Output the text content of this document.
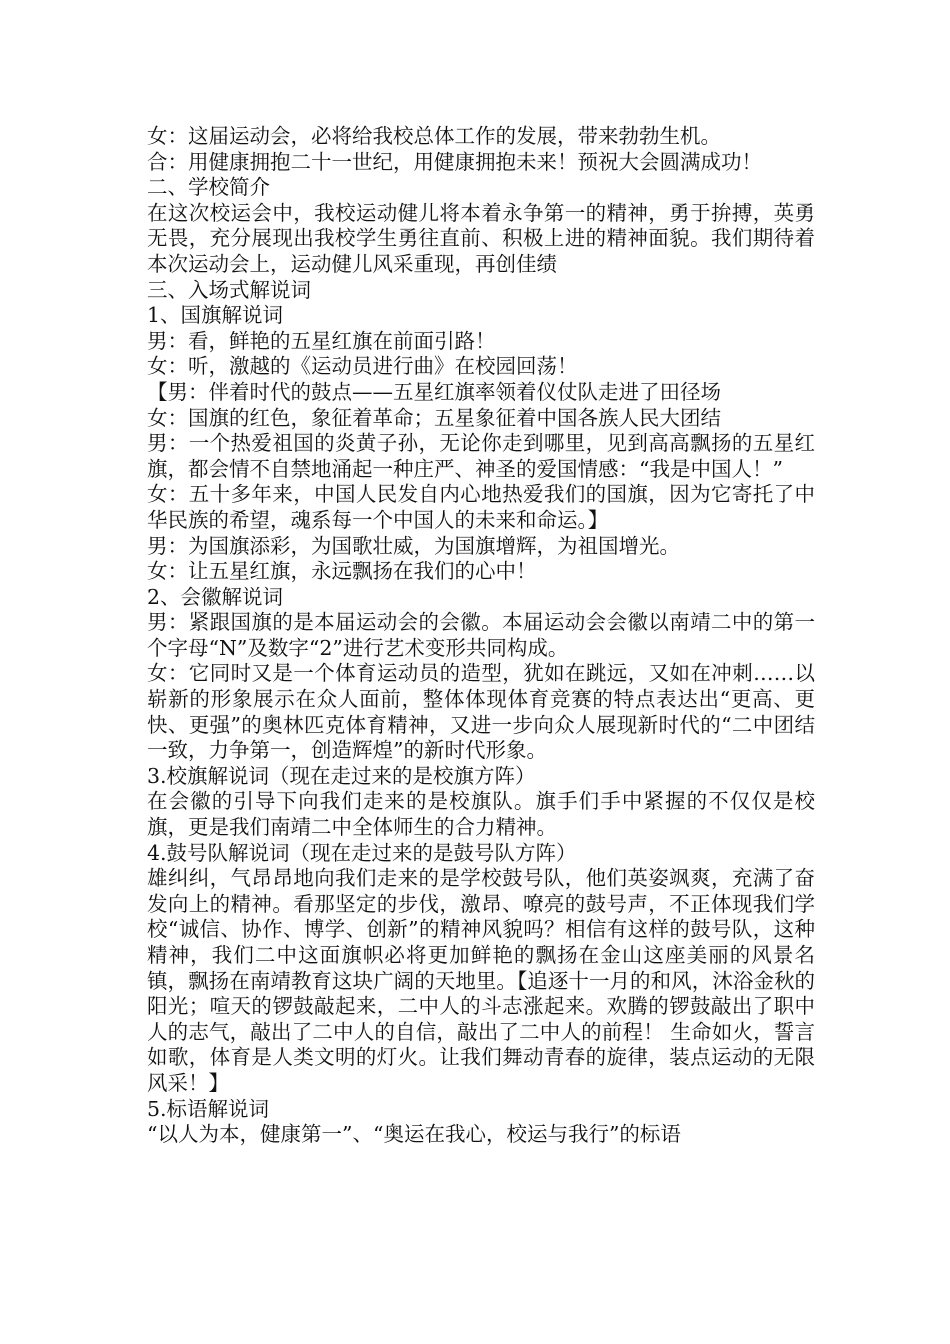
女：这届运动会，必将给我校总体工作的发展，带来勃勃生机。

合：用健康拥抱二十一世纪，用健康拥抱未来！预祝大会圆满成功！

二、学校简介

在这次校运会中，我校运动健儿将本着永争第一的精神，勇于拚搏，英勇无畏，充分展现出我校学生勇往直前、积极上进的精神面貌。我们期待着本次运动会上，运动健儿风采重现，再创佳绩

三、入场式解说词

1、国旗解说词

男：看，鲜艳的五星红旗在前面引路！

女：听，激越的《运动员进行曲》在校园回荡！

【男：伴着时代的鼓点——五星红旗率领着仪仗队走进了田径场

女：国旗的红色，象征着革命；五星象征着中国各族人民大团结

男：一个热爱祖国的炎黄子孙，无论你走到哪里，见到高高飘扬的五星红旗，都会情不自禁地涌起一种庄严、神圣的爱国情感：“我是中国人！”

女：五十多年来，中国人民发自内心地热爱我们的国旗，因为它寄托了中华民族的希望，魂系每一个中国人的未来和命运。】

男：为国旗添彩，为国歌壮威，为国旗增辉，为祖国增光。

女：让五星红旗，永远飘扬在我们的心中！

2、会徽解说词

男：紧跟国旗的是本届运动会的会徽。本届运动会会徽以南靖二中的第一个字母“N”及数字“2”进行艺术变形共同构成。

女：它同时又是一个体育运动员的造型，犹如在跳远，又如在冲刺……以崭新的形象展示在众人面前，整体体现体育竞赛的特点表达出“更高、更快、更强”的奥林匹克体育精神，又进一步向众人展现新时代的“二中团结一致，力争第一，创造辉煌”的新时代形象。

3.校旗解说词（现在走过来的是校旗方阵）

在会徽的引导下向我们走来的是校旗队。旗手们手中紧握的不仅仅是校旗，更是我们南靖二中全体师生的合力精神。

4.鼓号队解说词（现在走过来的是鼓号队方阵）

雄纠纠，气昂昂地向我们走来的是学校鼓号队，他们英姿飒爽，充满了奋发向上的精神。看那坚定的步伐，激昂、嘹亮的鼓号声，不正体现我们学校“诚信、协作、博学、创新”的精神风貌吗？相信有这样的鼓号队，这种精神，我们二中这面旗帜必将更加鲜艳的飘扬在金山这座美丽的风景名镇，飘扬在南靖教育这块广阔的天地里。【追逐十一月的和风，沐浴金秋的阳光；喧天的锣鼓敲起来，二中人的斗志涨起来。欢腾的锣鼓敲出了职中人的志气，敲出了二中人的自信，敲出了二中人的前程！ 生命如火，誓言如歌，体育是人类文明的灯火。让我们舞动青春的旋律，装点运动的无限风采！】

5.标语解说词

“以人为本，健康第一”、“奥运在我心，校运与我行”的标语
